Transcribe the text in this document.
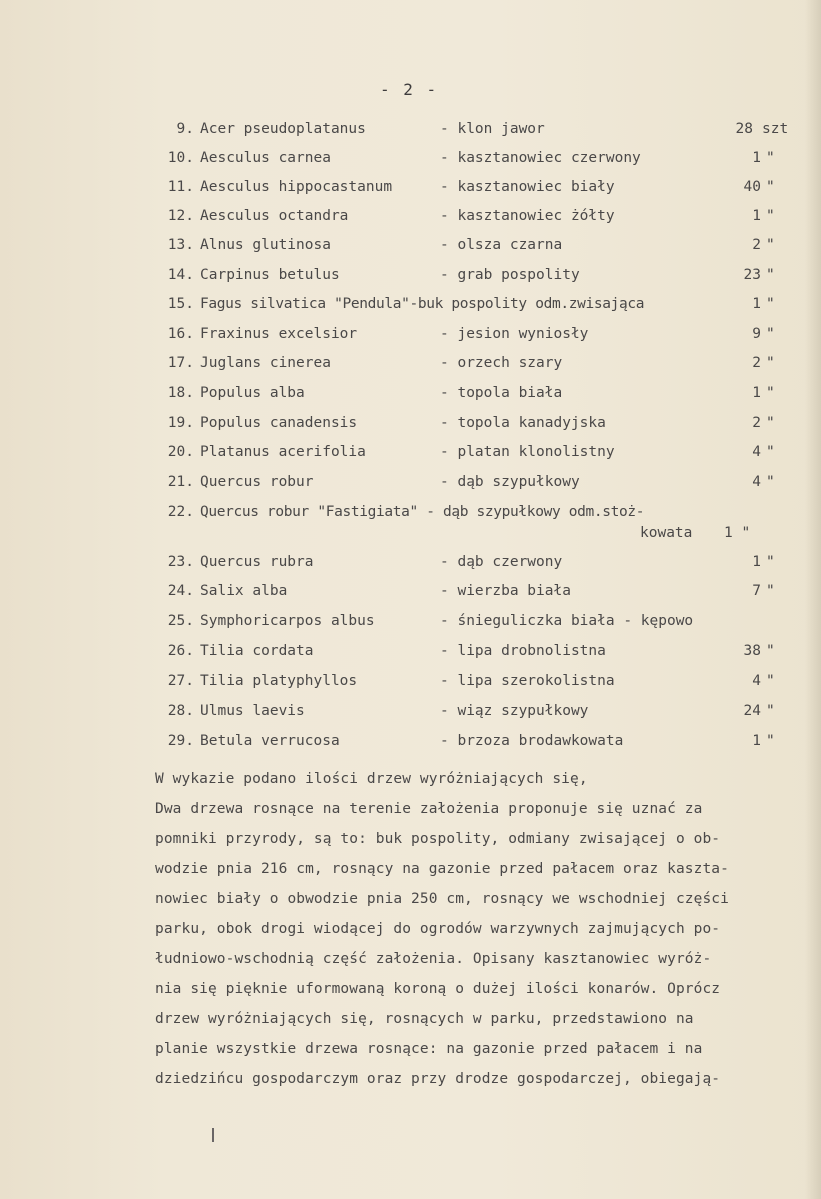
- 2 -
9. Acer pseudoplatanus	- klon jawor	28 szt
10. Aesculus carnea	- kasztanowiec czerwony	1 "
11. Aesculus hippocastanum	- kasztanowiec biały	40 "
12. Aesculus octandra	- kasztanowiec żółty	1 "
13. Alnus glutinosa	- olsza czarna	2 "
14. Carpinus betulus	- grab pospolity	23 "
15. Fagus silvatica "Pendula"-buk pospolity odm.zwisająca	1 "
16. Fraxinus excelsior	- jesion wyniosły	9 "
17. Juglans cinerea	- orzech szary	2 "
18. Populus alba	- topola biała	1 "
19. Populus canadensis	- topola kanadyjska	2 "
20. Platanus acerifolia	- platan klonolistny	4 "
21. Quercus robur	- dąb szypułkowy	4 "
22. Quercus robur "Fastigiata" - dąb szypułkowy odm.stoż-
kowata 1 "
23. Quercus rubra	- dąb czerwony	1 "
24. Salix alba	- wierzba biała	7 "
25. Symphoricarpos albus	- śnieguliczka biała - kępowo
26. Tilia cordata	- lipa drobnolistna	38 "
27. Tilia platyphyllos	- lipa szerokolistna	4 "
28. Ulmus laevis	- wiąz szypułkowy	24 "
29. Betula verrucosa	- brzoza brodawkowata	1 "
W wykazie podano ilości drzew wyróżniających się,
Dwa drzewa rosnące na terenie założenia proponuje się uznać za
pomniki przyrody, są to: buk pospolity, odmiany zwisającej o ob-
wodzie pnia 216 cm, rosnący na gazonie przed pałacem oraz kaszta-
nowiec biały o obwodzie pnia 250 cm, rosnący we wschodniej części
parku, obok drogi wiodącej do ogrodów warzywnych zajmujących po-
łudniowo-wschodnią część założenia. Opisany kasztanowiec wyróż-
nia się pięknie uformowaną koroną o dużej ilości konarów. Oprócz
drzew wyróżniających się, rosnących w parku, przedstawiono na
planie wszystkie drzewa rosnące: na gazonie przed pałacem i na
dziedzińcu gospodarczym oraz przy drodze gospodarczej, obiegają-
